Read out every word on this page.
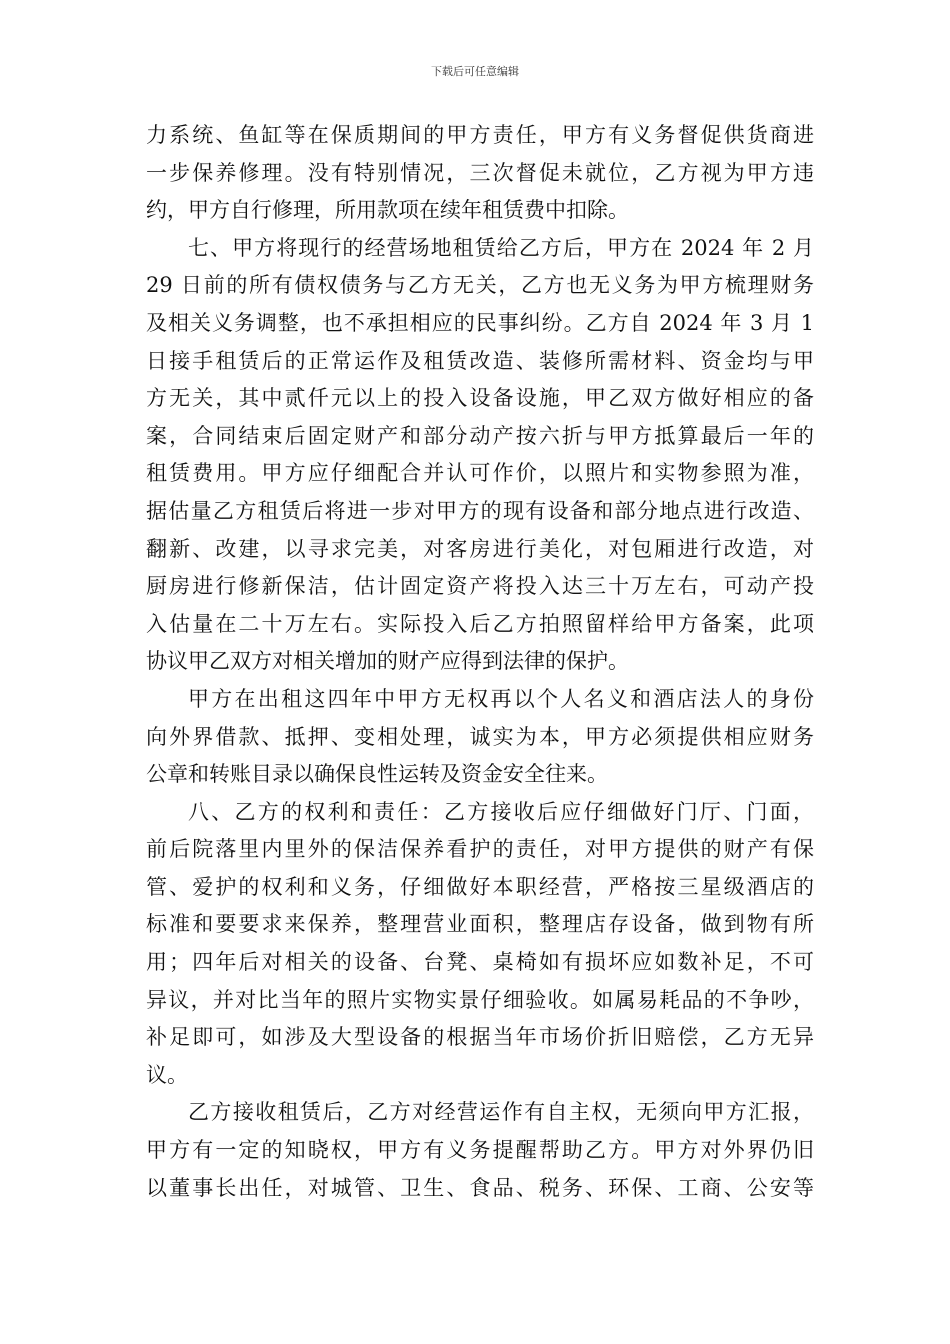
下载后可任意编辑
力系统、鱼缸等在保质期间的甲方责任，甲方有义务督促供货商进
一步保养修理。没有特别情况，三次督促未就位，乙方视为甲方违
约，甲方自行修理，所用款项在续年租赁费中扣除。
七、甲方将现行的经营场地租赁给乙方后，甲方在 2024 年 2 月
29 日前的所有债权债务与乙方无关，乙方也无义务为甲方梳理财务
及相关义务调整，也不承担相应的民事纠纷。乙方自 2024 年 3 月 1
日接手租赁后的正常运作及租赁改造、装修所需材料、资金均与甲
方无关，其中贰仟元以上的投入设备设施，甲乙双方做好相应的备
案，合同结束后固定财产和部分动产按六折与甲方抵算最后一年的
租赁费用。甲方应仔细配合并认可作价，以照片和实物参照为准，
据估量乙方租赁后将进一步对甲方的现有设备和部分地点进行改造、
翻新、改建，以寻求完美，对客房进行美化，对包厢进行改造，对
厨房进行修新保洁，估计固定资产将投入达三十万左右，可动产投
入估量在二十万左右。实际投入后乙方拍照留样给甲方备案，此项
协议甲乙双方对相关增加的财产应得到法律的保护。
甲方在出租这四年中甲方无权再以个人名义和酒店法人的身份
向外界借款、抵押、变相处理，诚实为本，甲方必须提供相应财务
公章和转账目录以确保良性运转及资金安全往来。
八、乙方的权利和责任：乙方接收后应仔细做好门厅、门面，
前后院落里内里外的保洁保养看护的责任，对甲方提供的财产有保
管、爱护的权利和义务，仔细做好本职经营，严格按三星级酒店的
标准和要要求来保养，整理营业面积，整理店存设备，做到物有所
用；四年后对相关的设备、台凳、桌椅如有损坏应如数补足，不可
异议，并对比当年的照片实物实景仔细验收。如属易耗品的不争吵，
补足即可，如涉及大型设备的根据当年市场价折旧赔偿，乙方无异
议。
乙方接收租赁后，乙方对经营运作有自主权，无须向甲方汇报，
甲方有一定的知晓权，甲方有义务提醒帮助乙方。甲方对外界仍旧
以董事长出任，对城管、卫生、食品、税务、环保、工商、公安等
